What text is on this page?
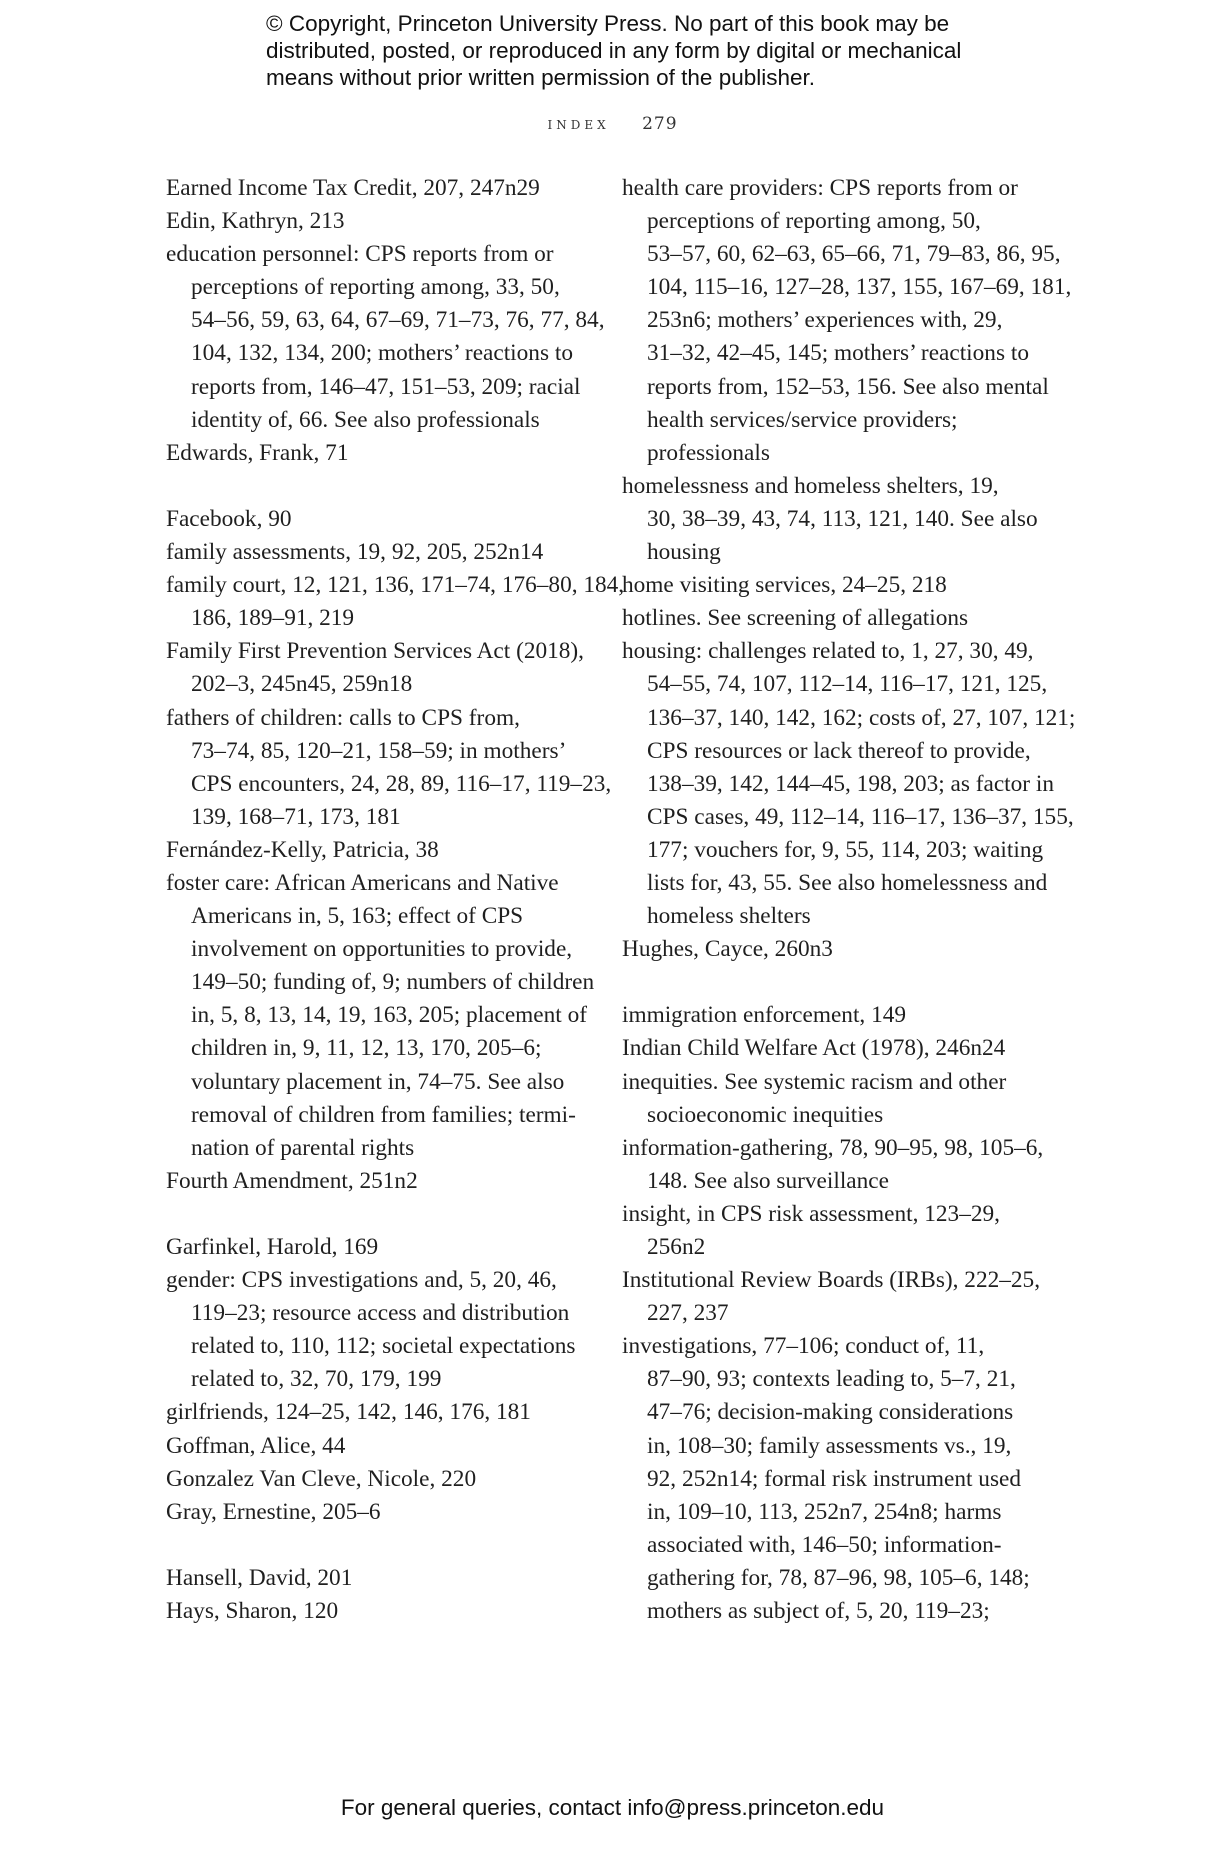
© Copyright, Princeton University Press. No part of this book may be
distributed, posted, or reproduced in any form by digital or mechanical
means without prior written permission of the publisher.
index 279
Earned Income Tax Credit, 207, 247n29
Edin, Kathryn, 213
education personnel: CPS reports from or
perceptions of reporting among, 33, 50,
54–56, 59, 63, 64, 67–69, 71–73, 76, 77, 84,
104, 132, 134, 200; mothers’ reactions to
reports from, 146–47, 151–53, 209; racial
identity of, 66. See also professionals
Edwards, Frank, 71
Facebook, 90
family assessments, 19, 92, 205, 252n14
family court, 12, 121, 136, 171–74, 176–80, 184,
186, 189–91, 219
Family First Prevention Services Act (2018),
202–3, 245n45, 259n18
fathers of children: calls to CPS from,
73–74, 85, 120–21, 158–59; in mothers’
CPS encounters, 24, 28, 89, 116–17, 119–23,
139, 168–71, 173, 181
Fernández-Kelly, Patricia, 38
foster care: African Americans and Native
Americans in, 5, 163; effect of CPS
involvement on opportunities to provide,
149–50; funding of, 9; numbers of children
in, 5, 8, 13, 14, 19, 163, 205; placement of
children in, 9, 11, 12, 13, 170, 205–6;
voluntary placement in, 74–75. See also
removal of children from families; termi-
nation of parental rights
Fourth Amendment, 251n2
Garfinkel, Harold, 169
gender: CPS investigations and, 5, 20, 46,
119–23; resource access and distribution
related to, 110, 112; societal expectations
related to, 32, 70, 179, 199
girlfriends, 124–25, 142, 146, 176, 181
Goffman, Alice, 44
Gonzalez Van Cleve, Nicole, 220
Gray, Ernestine, 205–6
Hansell, David, 201
Hays, Sharon, 120
health care providers: CPS reports from or
perceptions of reporting among, 50,
53–57, 60, 62–63, 65–66, 71, 79–83, 86, 95,
104, 115–16, 127–28, 137, 155, 167–69, 181,
253n6; mothers’ experiences with, 29,
31–32, 42–45, 145; mothers’ reactions to
reports from, 152–53, 156. See also mental
health services/service providers;
professionals
homelessness and homeless shelters, 19,
30, 38–39, 43, 74, 113, 121, 140. See also
housing
home visiting services, 24–25, 218
hotlines. See screening of allegations
housing: challenges related to, 1, 27, 30, 49,
54–55, 74, 107, 112–14, 116–17, 121, 125,
136–37, 140, 142, 162; costs of, 27, 107, 121;
CPS resources or lack thereof to provide,
138–39, 142, 144–45, 198, 203; as factor in
CPS cases, 49, 112–14, 116–17, 136–37, 155,
177; vouchers for, 9, 55, 114, 203; waiting
lists for, 43, 55. See also homelessness and
homeless shelters
Hughes, Cayce, 260n3
immigration enforcement, 149
Indian Child Welfare Act (1978), 246n24
inequities. See systemic racism and other
socioeconomic inequities
information-gathering, 78, 90–95, 98, 105–6,
148. See also surveillance
insight, in CPS risk assessment, 123–29,
256n2
Institutional Review Boards (IRBs), 222–25,
227, 237
investigations, 77–106; conduct of, 11,
87–90, 93; contexts leading to, 5–7, 21,
47–76; decision-making considerations
in, 108–30; family assessments vs., 19,
92, 252n14; formal risk instrument used
in, 109–10, 113, 252n7, 254n8; harms
associated with, 146–50; information-
gathering for, 78, 87–96, 98, 105–6, 148;
mothers as subject of, 5, 20, 119–23;
For general queries, contact info@press.princeton.edu
